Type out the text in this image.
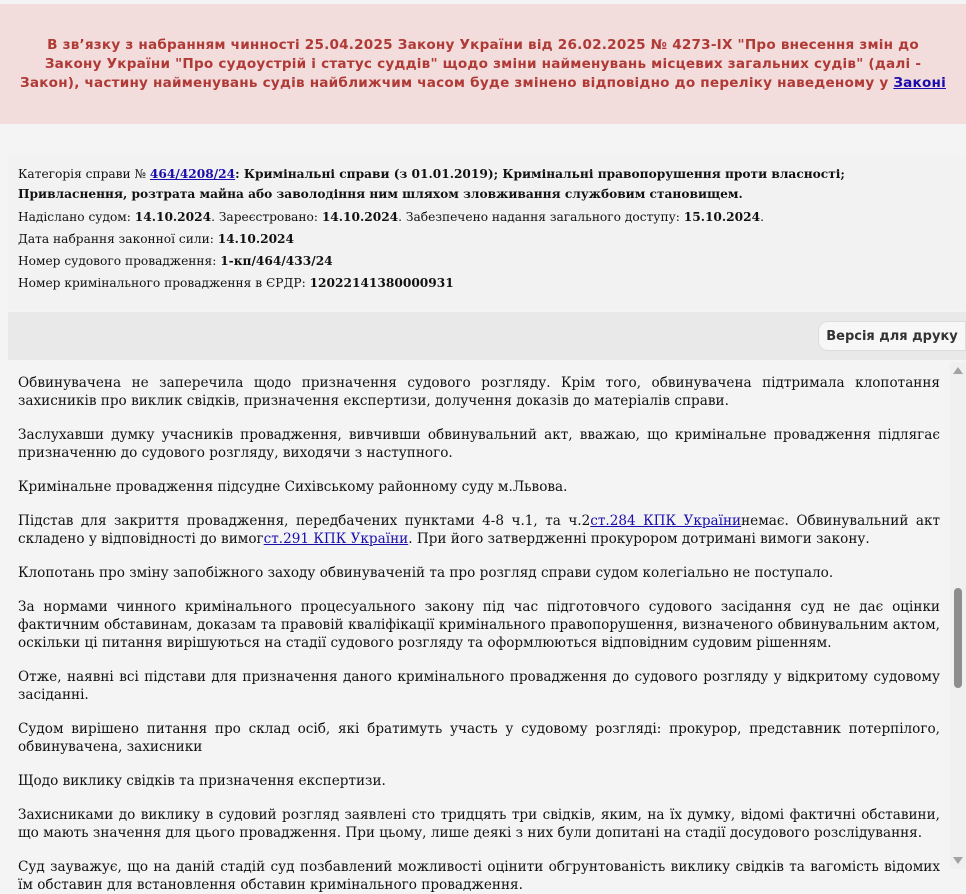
В зв’язку з набранням чинності 25.04.2025 Закону України від 26.02.2025 № 4273-IX "Про внесення змін до Закону України "Про судоустрій і статус суддів" щодо зміни найменувань місцевих загальних судів" (далі - Закон), частину найменувань судів найближчим часом буде змінено відповідно до переліку наведеному у Законі

Категорія справи № 464/4208/24: Кримінальні справи (з 01.01.2019); Кримінальні правопорушення проти власності; Привласнення, розтрата майна або заволодіння ним шляхом зловживання службовим становищем.
Надіслано судом: 14.10.2024. Зареєстровано: 14.10.2024. Забезпечено надання загального доступу: 15.10.2024.
Дата набрання законної сили: 14.10.2024
Номер судового провадження: 1-кп/464/433/24
Номер кримінального провадження в ЄРДР: 12022141380000931
Версія для друку

Обвинувачена не заперечила щодо призначення судового розгляду. Крім того, обвинувачена підтримала клопотання захисників про виклик свідків, призначення експертизи, долучення доказів до матеріалів справи.

Заслухавши думку учасників провадження, вивчивши обвинувальний акт, вважаю, що кримінальне провадження підлягає призначенню до судового розгляду, виходячи з наступного.

Кримінальне провадження підсудне Сихівському районному суду м.Львова.

Підстав для закриття провадження, передбачених пунктами 4-8 ч.1, та ч.2ст.284 КПК Українинемає. Обвинувальний акт складено у відповідності до вимогст.291 КПК України. При його затвердженні прокурором дотримані вимоги закону.

Клопотань про зміну запобіжного заходу обвинуваченій та про розгляд справи судом колегіально не поступало.

За нормами чинного кримінального процесуального закону під час підготовчого судового засідання суд не дає оцінки фактичним обставинам, доказам та правовій кваліфікації кримінального правопорушення, визначеного обвинувальним актом, оскільки ці питання вирішуються на стадії судового розгляду та оформлюються відповідним судовим рішенням.

Отже, наявні всі підстави для призначення даного кримінального провадження до судового розгляду у відкритому судовому засіданні.

Судом вирішено питання про склад осіб, які братимуть участь у судовому розгляді: прокурор, представник потерпілого, обвинувачена, захисники

Щодо виклику свідків та призначення експертизи.

Захисниками до виклику в судовий розгляд заявлені сто тридцять три свідків, яким, на їх думку, відомі фактичні обставини, що мають значення для цього провадження. При цьому, лише деякі з них були допитані на стадії досудового розслідування.

Суд зауважує, що на даній стадій суд позбавлений можливості оцінити обгрунтованість виклику свідків та вагомість відомих їм обставин для встановлення обставин кримінального провадження.
